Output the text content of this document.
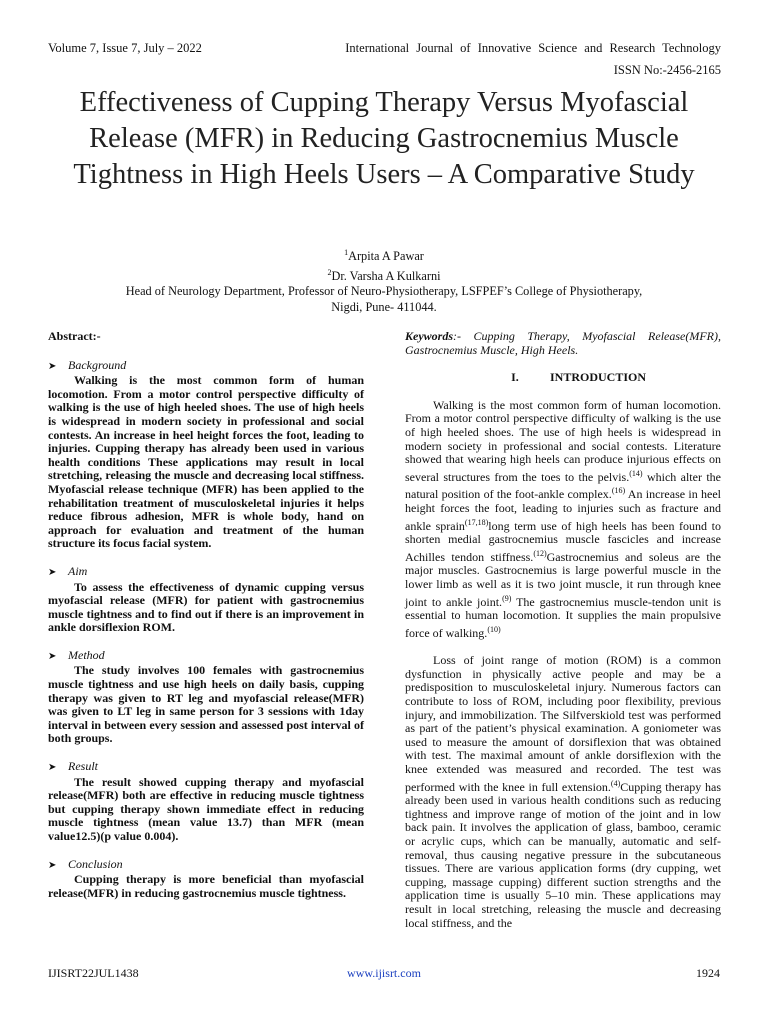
Volume 7, Issue 7, July – 2022	International Journal of Innovative Science and Research Technology
ISSN No:-2456-2165
Effectiveness of Cupping Therapy Versus Myofascial Release (MFR) in Reducing Gastrocnemius Muscle Tightness in High Heels Users – A Comparative Study
$^1$Arpita A Pawar
$^2$Dr. Varsha A Kulkarni
Head of Neurology Department, Professor of Neuro-Physiotherapy, LSFPEF’s College of Physiotherapy,
Nigdi, Pune- 411044.

Abstract:-

➤ Background

Walking is the most common form of human locomotion. From a motor control perspective difficulty of walking is the use of high heeled shoes. The use of high heels is widespread in modern society in professional and social contests. An increase in heel height forces the foot, leading to injuries. Cupping therapy has already been used in various health conditions These applications may result in local stretching, releasing the muscle and decreasing local stiffness. Myofascial release technique (MFR) has been applied to the rehabilitation treatment of musculoskeletal injuries it helps reduce fibrous adhesion, MFR is whole body, hand on approach for evaluation and treatment of the human structure its focus facial system.

➤ Aim

To assess the effectiveness of dynamic cupping versus myofascial release (MFR) for patient with gastrocnemius muscle tightness and to find out if there is an improvement in ankle dorsiflexion ROM.

➤ Method

The study involves 100 females with gastrocnemius muscle tightness and use high heels on daily basis, cupping therapy was given to RT leg and myofascial release(MFR) was given to LT leg in same person for 3 sessions with 1day interval in between every session and assessed post interval of both groups.

➤ Result

The result showed cupping therapy and myofascial release(MFR) both are effective in reducing muscle tightness but cupping therapy shown immediate effect in reducing muscle tightness (mean value 13.7) than MFR (mean value12.5)(p value 0.004).

➤ Conclusion

Cupping therapy is more beneficial than myofascial release(MFR) in reducing gastrocnemius muscle tightness.

Keywords:- Cupping Therapy, Myofascial Release(MFR), Gastrocnemius Muscle, High Heels.

I.	INTRODUCTION

Walking is the most common form of human locomotion. From a motor control perspective difficulty of walking is the use of high heeled shoes. The use of high heels is widespread in modern society in professional and social contests. Literature showed that wearing high heels can produce injurious effects on several structures from the toes to the pelvis.$^{(14)}$ which alter the natural position of the foot-ankle complex.$^{(16)}$ An increase in heel height forces the foot, leading to injuries such as fracture and ankle sprain$^{(17,18)}$long term use of high heels has been found to shorten medial gastrocnemius muscle fascicles and increase Achilles tendon stiffness.$^{(12)}$Gastrocnemius and soleus are the major muscles. Gastrocnemius is large powerful muscle in the lower limb as well as it is two joint muscle, it run through knee joint to ankle joint.$^{(9)}$ The gastrocnemius muscle-tendon unit is essential to human locomotion. It supplies the main propulsive force of walking.$^{(10)}$

Loss of joint range of motion (ROM) is a common dysfunction in physically active people and may be a predisposition to musculoskeletal injury. Numerous factors can contribute to loss of ROM, including poor flexibility, previous injury, and immobilization. The Silfverskiold test was performed as part of the patient’s physical examination. A goniometer was used to measure the amount of dorsiflexion that was obtained with test. The maximal amount of ankle dorsiflexion with the knee extended was measured and recorded. The test was performed with the knee in full extension.$^{(4)}$Cupping therapy has already been used in various health conditions such as reducing tightness and improve range of motion of the joint and in low back pain. It involves the application of glass, bamboo, ceramic or acrylic cups, which can be manually, automatic and self-removal, thus causing negative pressure in the subcutaneous tissues. There are various application forms (dry cupping, wet cupping, massage cupping) different suction strengths and the application time is usually 5–10 min. These applications may result in local stretching, releasing the muscle and decreasing local stiffness, and the

IJISRT22JUL1438	www.ijisrt.com	1924
